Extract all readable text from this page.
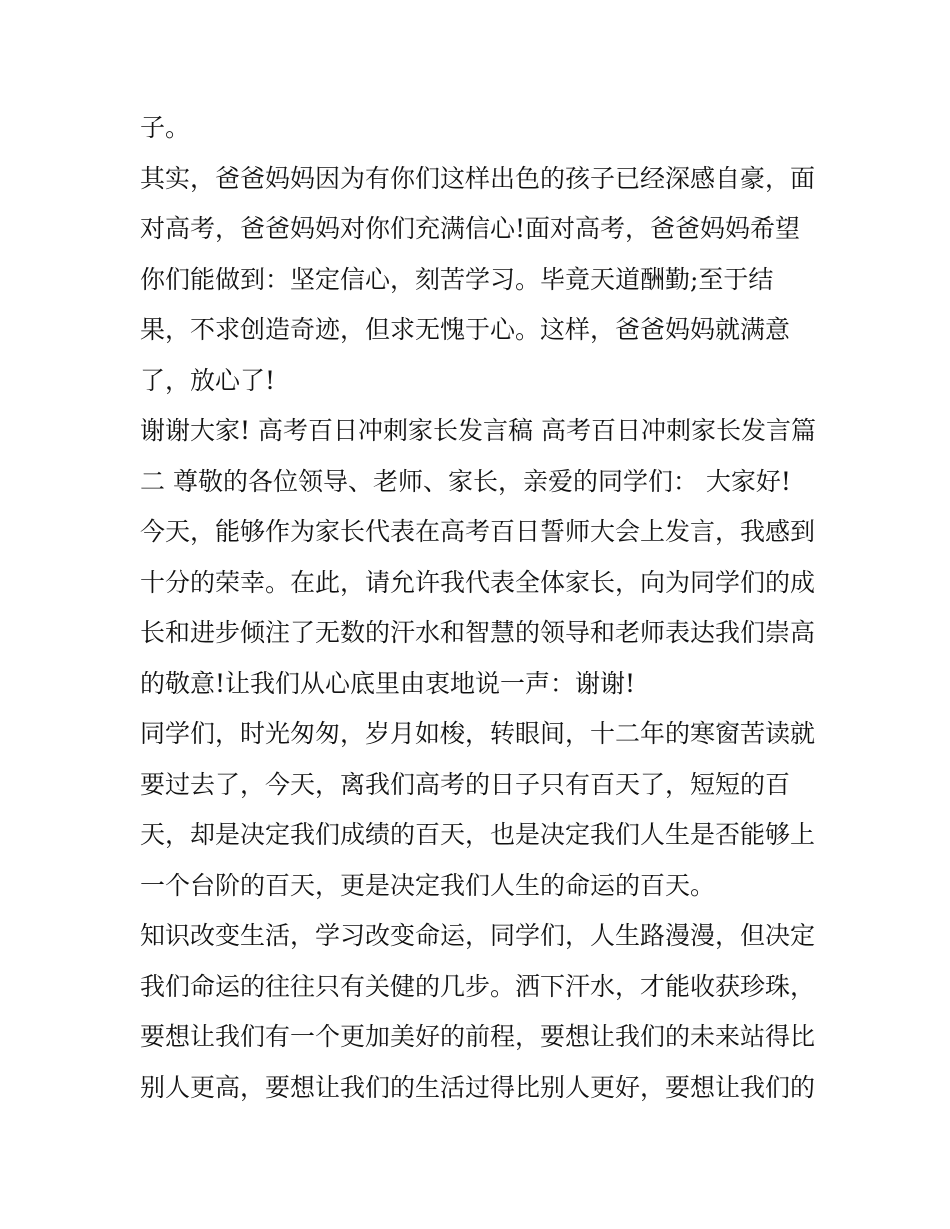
子。
其实，爸爸妈妈因为有你们这样出色的孩子已经深感自豪，面
对高考，爸爸妈妈对你们充满信心!面对高考，爸爸妈妈希望
你们能做到：坚定信心，刻苦学习。毕竟天道酬勤;至于结
果，不求创造奇迹，但求无愧于心。这样，爸爸妈妈就满意
了，放心了!
谢谢大家! 高考百日冲刺家长发言稿 高考百日冲刺家长发言篇
二 尊敬的各位领导、老师、家长，亲爱的同学们： 大家好!
今天，能够作为家长代表在高考百日誓师大会上发言，我感到
十分的荣幸。在此，请允许我代表全体家长，向为同学们的成
长和进步倾注了无数的汗水和智慧的领导和老师表达我们崇高
的敬意!让我们从心底里由衷地说一声：谢谢!
同学们，时光匆匆，岁月如梭，转眼间，十二年的寒窗苦读就
要过去了，今天，离我们高考的日子只有百天了，短短的百
天，却是决定我们成绩的百天，也是决定我们人生是否能够上
一个台阶的百天，更是决定我们人生的命运的百天。
知识改变生活，学习改变命运，同学们，人生路漫漫，但决定
我们命运的往往只有关健的几步。洒下汗水，才能收获珍珠，
要想让我们有一个更加美好的前程，要想让我们的未来站得比
别人更高，要想让我们的生活过得比别人更好，要想让我们的
